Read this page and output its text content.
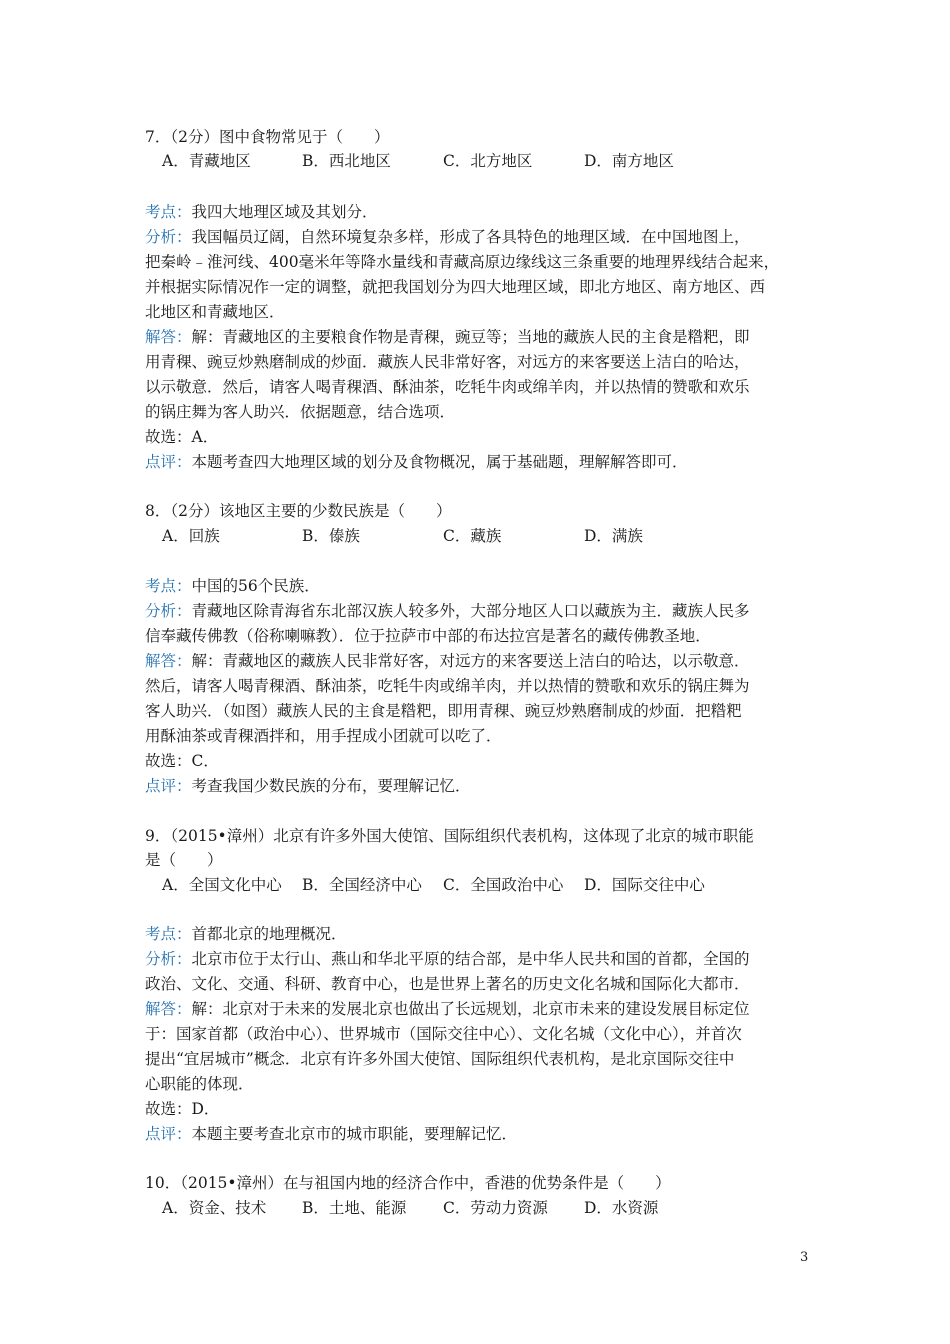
7．（2分）图中食物常见于（　　）
A．青藏地区	B．西北地区	C．北方地区	D．南方地区
考点：我四大地理区域及其划分．
分析：我国幅员辽阔，自然环境复杂多样，形成了各具特色的地理区域．在中国地图上，
把秦岭﹣淮河线、400毫米年等降水量线和青藏高原边缘线这三条重要的地理界线结合起来，
并根据实际情况作一定的调整，就把我国划分为四大地理区域，即北方地区、南方地区、西
北地区和青藏地区．
解答：解：青藏地区的主要粮食作物是青稞，豌豆等；当地的藏族人民的主食是糌粑，即
用青稞、豌豆炒熟磨制成的炒面．藏族人民非常好客，对远方的来客要送上洁白的哈达，
以示敬意．然后，请客人喝青稞酒、酥油茶，吃牦牛肉或绵羊肉，并以热情的赞歌和欢乐
的锅庄舞为客人助兴．依据题意，结合选项．
故选：A．
点评：本题考查四大地理区域的划分及食物概况，属于基础题，理解解答即可．
8．（2分）该地区主要的少数民族是（　　）
A．回族	B．傣族	C．藏族	D．满族
考点：中国的56个民族．
分析：青藏地区除青海省东北部汉族人较多外，大部分地区人口以藏族为主．藏族人民多
信奉藏传佛教（俗称喇嘛教）．位于拉萨市中部的布达拉宫是著名的藏传佛教圣地．
解答：解：青藏地区的藏族人民非常好客，对远方的来客要送上洁白的哈达，以示敬意．
然后，请客人喝青稞酒、酥油茶，吃牦牛肉或绵羊肉，并以热情的赞歌和欢乐的锅庄舞为
客人助兴．（如图）藏族人民的主食是糌粑，即用青稞、豌豆炒熟磨制成的炒面．把糌粑
用酥油茶或青稞酒拌和，用手捏成小团就可以吃了．
故选：C．
点评：考查我国少数民族的分布，要理解记忆．
9．（2015•漳州）北京有许多外国大使馆、国际组织代表机构，这体现了北京的城市职能
是（　　）
A．全国文化中心 B．全国经济中心 C．全国政治中心 D．国际交往中心
考点：首都北京的地理概况．
分析：北京市位于太行山、燕山和华北平原的结合部，是中华人民共和国的首都，全国的
政治、文化、交通、科研、教育中心，也是世界上著名的历史文化名城和国际化大都市．
解答：解：北京对于未来的发展北京也做出了长远规划，北京市未来的建设发展目标定位
于：国家首都（政治中心）、世界城市（国际交往中心）、文化名城（文化中心），并首次
提出“宜居城市”概念．北京有许多外国大使馆、国际组织代表机构，是北京国际交往中
心职能的体现．
故选：D．
点评：本题主要考查北京市的城市职能，要理解记忆．
10．（2015•漳州）在与祖国内地的经济合作中，香港的优势条件是（　　）
A．资金、技术 B．土地、能源 C．劳动力资源 D．水资源
3
